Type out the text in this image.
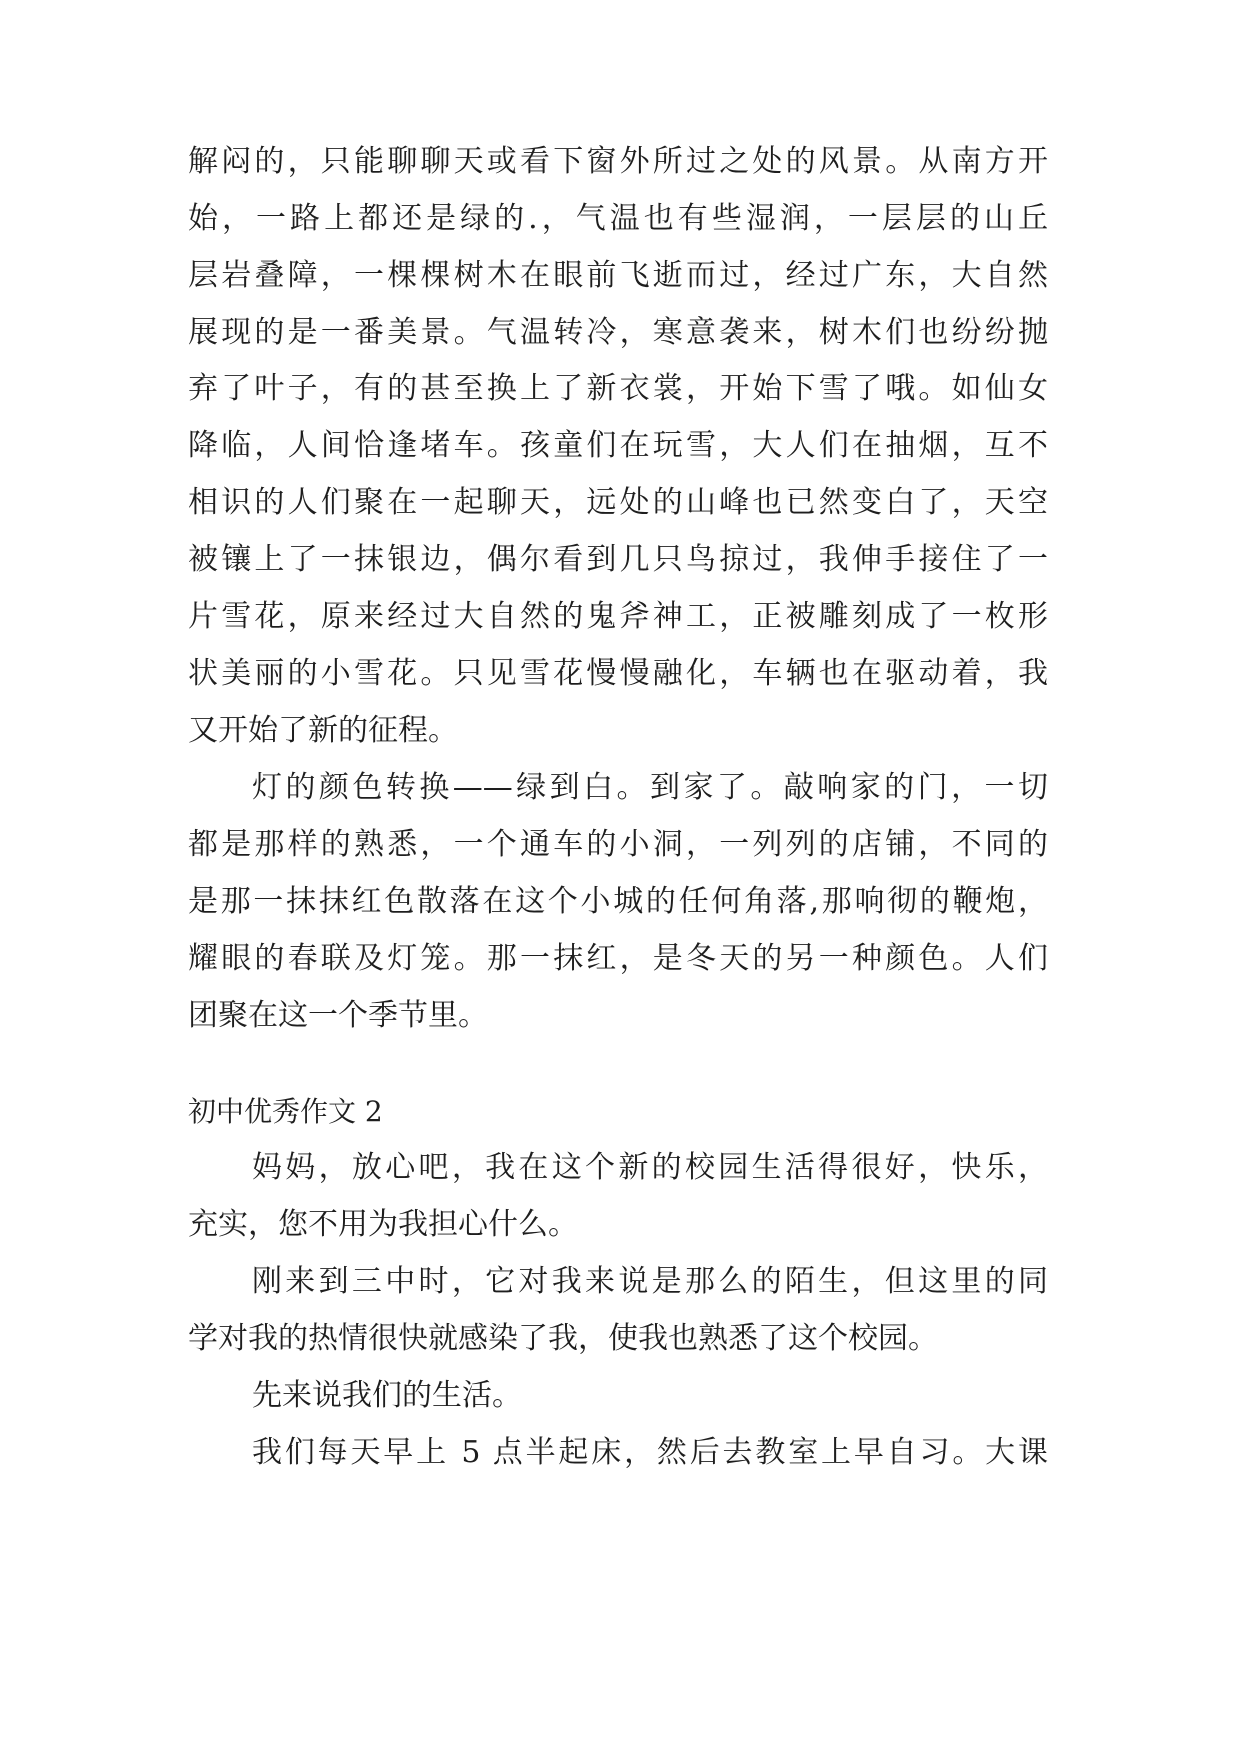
解闷的，只能聊聊天或看下窗外所过之处的风景。从南方开
始，一路上都还是绿的.，气温也有些湿润，一层层的山丘
层岩叠障，一棵棵树木在眼前飞逝而过，经过广东，大自然
展现的是一番美景。气温转冷，寒意袭来，树木们也纷纷抛
弃了叶子，有的甚至换上了新衣裳，开始下雪了哦。如仙女
降临，人间恰逢堵车。孩童们在玩雪，大人们在抽烟，互不
相识的人们聚在一起聊天，远处的山峰也已然变白了，天空
被镶上了一抹银边，偶尔看到几只鸟掠过，我伸手接住了一
片雪花，原来经过大自然的鬼斧神工，正被雕刻成了一枚形
状美丽的小雪花。只见雪花慢慢融化，车辆也在驱动着，我
又开始了新的征程。
灯的颜色转换——绿到白。到家了。敲响家的门，一切
都是那样的熟悉，一个通车的小洞，一列列的店铺，不同的
是那一抹抹红色散落在这个小城的任何角落,那响彻的鞭炮，
耀眼的春联及灯笼。那一抹红，是冬天的另一种颜色。人们
团聚在这一个季节里。
初中优秀作文 2
妈妈，放心吧，我在这个新的校园生活得很好，快乐，
充实，您不用为我担心什么。
刚来到三中时，它对我来说是那么的陌生，但这里的同
学对我的热情很快就感染了我，使我也熟悉了这个校园。
先来说我们的生活。
我们每天早上 5 点半起床，然后去教室上早自习。大课
